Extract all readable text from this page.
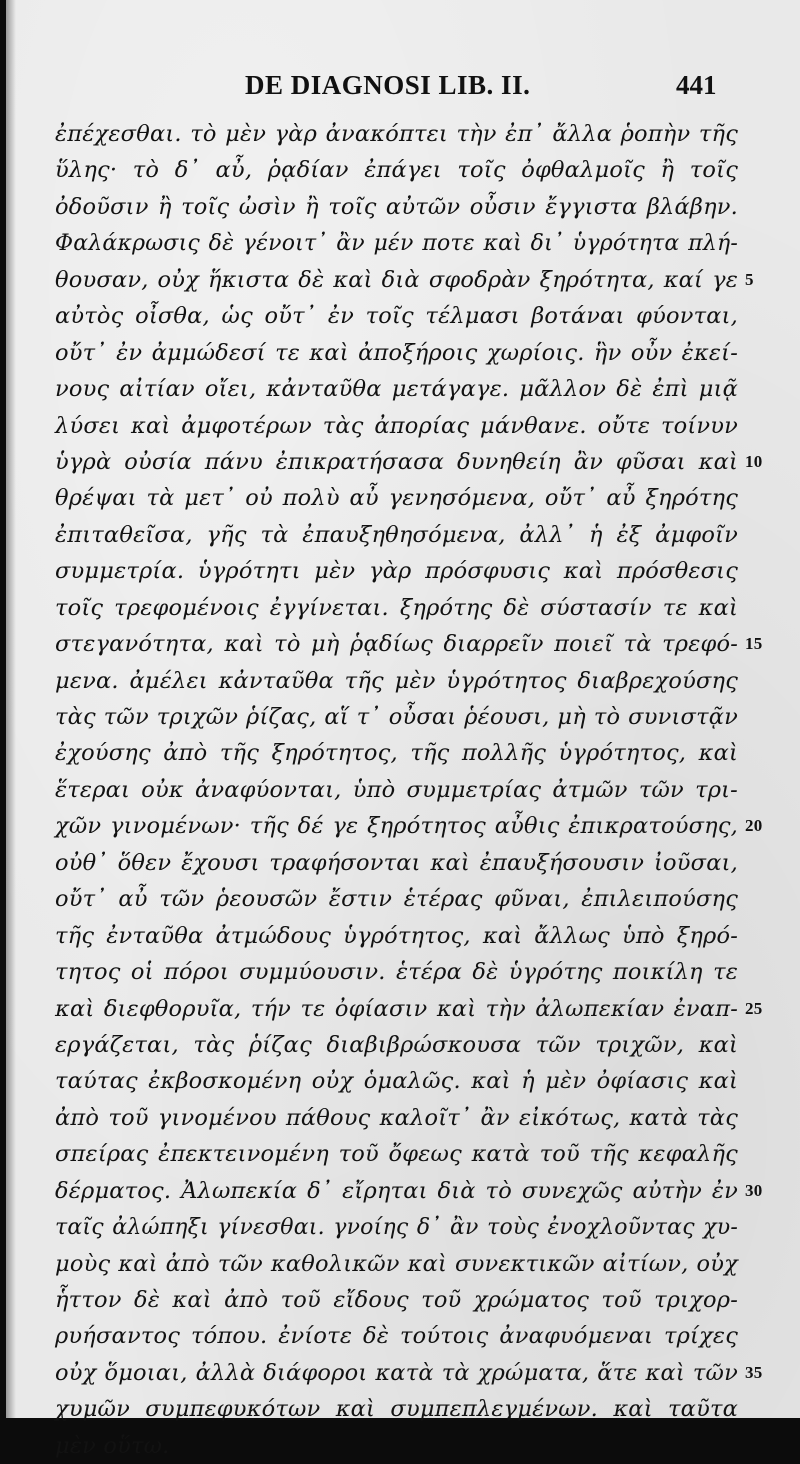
DE DIAGNOSI LIB. II.	441
ἐπέχεσθαι. τὸ μὲν γὰρ ἀνακόπτει τὴν ἐπ᾽ ἄλλα ῥοπὴν τῆς
ὕλης· τὸ δ᾽ αὖ, ῥᾳδίαν ἐπάγει τοῖς ὀφθαλμοῖς ἢ τοῖς
ὀδοῦσιν ἢ τοῖς ὠσὶν ἢ τοῖς αὐτῶν οὖσιν ἔγγιστα βλάβην.
Φαλάκρωσις δὲ γένοιτ᾽ ἂν μέν ποτε καὶ δι᾽ ὑγρότητα πλή-
θουσαν, οὐχ ἥκιστα δὲ καὶ διὰ σφοδρὰν ξηρότητα, καί γε 5
αὐτὸς οἶσθα, ὡς οὔτ᾽ ἐν τοῖς τέλμασι βοτάναι φύονται,
οὔτ᾽ ἐν ἀμμώδεσί τε καὶ ἀποξήροις χωρίοις. ἣν οὖν ἐκεί-
νους αἰτίαν οἴει, κἀνταῦθα μετάγαγε. μᾶλλον δὲ ἐπὶ μιᾷ
λύσει καὶ ἀμφοτέρων τὰς ἀπορίας μάνθανε. οὔτε τοίνυν
ὑγρὰ οὐσία πάνυ ἐπικρατήσασα δυνηθείη ἂν φῦσαι καὶ 10
θρέψαι τὰ μετ᾽ οὐ πολὺ αὖ γενησόμενα, οὔτ᾽ αὖ ξηρότης
ἐπιταθεῖσα, γῆς τὰ ἐπαυξηθησόμενα, ἀλλ᾽ ἡ ἐξ ἀμφοῖν
συμμετρία. ὑγρότητι μὲν γὰρ πρόσφυσις καὶ πρόσθεσις
τοῖς τρεφομένοις ἐγγίνεται. ξηρότης δὲ σύστασίν τε καὶ
στεγανότητα, καὶ τὸ μὴ ῥᾳδίως διαρρεῖν ποιεῖ τὰ τρεφό- 15
μενα. ἀμέλει κἀνταῦθα τῆς μὲν ὑγρότητος διαβρεχούσης
τὰς τῶν τριχῶν ῥίζας, αἵ τ᾽ οὖσαι ῥέουσι, μὴ τὸ συνιστᾷν
ἐχούσης ἀπὸ τῆς ξηρότητος, τῆς πολλῆς ὑγρότητος, καὶ
ἕτεραι οὐκ ἀναφύονται, ὑπὸ συμμετρίας ἀτμῶν τῶν τρι-
χῶν γινομένων· τῆς δέ γε ξηρότητος αὖθις ἐπικρατούσης, 20
οὐθ᾽ ὅθεν ἔχουσι τραφήσονται καὶ ἐπαυξήσουσιν ἰοῦσαι,
οὔτ᾽ αὖ τῶν ῥεουσῶν ἔστιν ἑτέρας φῦναι, ἐπιλειπούσης
τῆς ἐνταῦθα ἀτμώδους ὑγρότητος, καὶ ἄλλως ὑπὸ ξηρό-
τητος οἱ πόροι συμμύουσιν. ἑτέρα δὲ ὑγρότης ποικίλη τε
καὶ διεφθορυῖα, τήν τε ὀφίασιν καὶ τὴν ἀλωπεκίαν ἐναπ- 25
εργάζεται, τὰς ῥίζας διαβιβρώσκουσα τῶν τριχῶν, καὶ
ταύτας ἐκβοσκομένη οὐχ ὁμαλῶς. καὶ ἡ μὲν ὀφίασις καὶ
ἀπὸ τοῦ γινομένου πάθους καλοῖτ᾽ ἂν εἰκότως, κατὰ τὰς
σπείρας ἐπεκτεινομένη τοῦ ὄφεως κατὰ τοῦ τῆς κεφαλῆς
δέρματος. Ἀλωπεκία δ᾽ εἴρηται διὰ τὸ συνεχῶς αὐτὴν ἐν 30
ταῖς ἀλώπηξι γίνεσθαι. γνοίης δ᾽ ἂν τοὺς ἐνοχλοῦντας χυ-
μοὺς καὶ ἀπὸ τῶν καθολικῶν καὶ συνεκτικῶν αἰτίων, οὐχ
ἧττον δὲ καὶ ἀπὸ τοῦ εἴδους τοῦ χρώματος τοῦ τριχορ-
ρυήσαντος τόπου. ἐνίοτε δὲ τούτοις ἀναφυόμεναι τρίχες
οὐχ ὅμοιαι, ἀλλὰ διάφοροι κατὰ τὰ χρώματα, ἅτε καὶ τῶν 35
χυμῶν συμπεφυκότων καὶ συμπεπλεγμένων. καὶ ταῦτα
μὲν οὕτω.
